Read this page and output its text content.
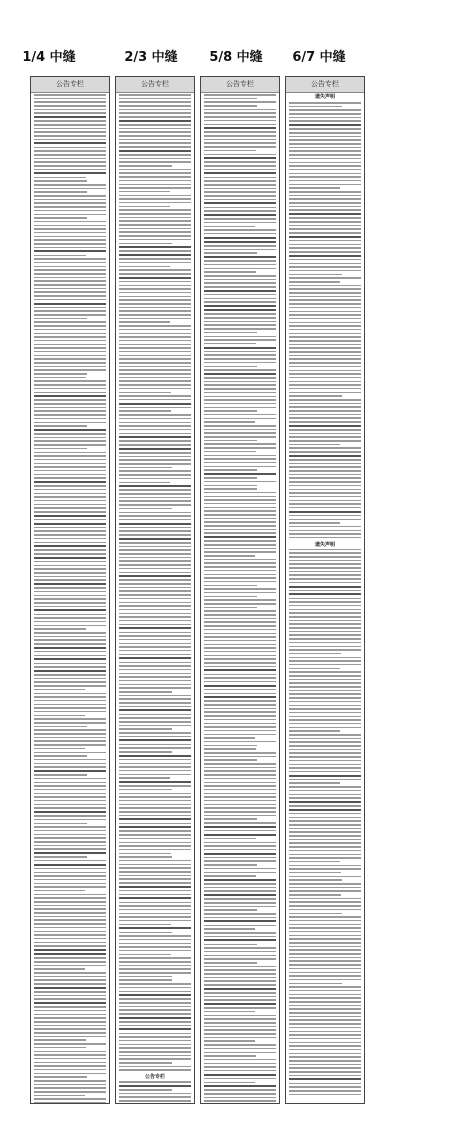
1/4 中缝	2/3 中缝	5/8 中缝	6/7 中缝
公告专栏	公告专栏
公告专栏
公告专栏	公告专栏
遗失声明
遗失声明
